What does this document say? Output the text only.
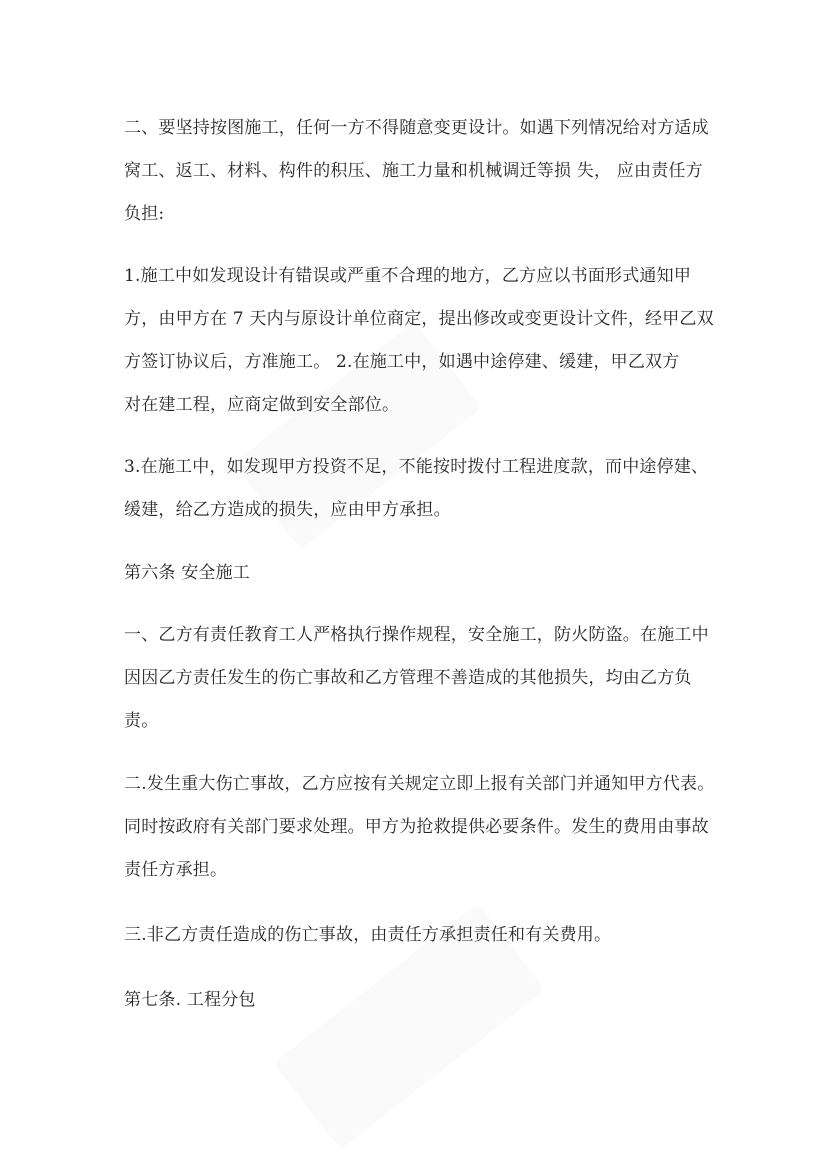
二、要坚持按图施工，任何一方不得随意变更设计。如遇下列情况给对方适成
窝工、返工、材料、构件的积压、施工力量和机械调迁等损 失， 应由责任方
负担:
1.施工中如发现设计有错误或严重不合理的地方，乙方应以书面形式通知甲
方，由甲方在 7 天内与原设计单位商定，提出修改或变更设计文件，经甲乙双
方签订协议后，方准施工。 2.在施工中，如遇中途停建、缓建，甲乙双方
对在建工程，应商定做到安全部位。
3.在施工中，如发现甲方投资不足，不能按时拨付工程进度款，而中途停建、
缓建，给乙方造成的损失，应由甲方承担。
第六条 安全施工
一、乙方有责任教育工人严格执行操作规程，安全施工，防火防盗。在施工中
因因乙方责任发生的伤亡事故和乙方管理不善造成的其他损失，均由乙方负
责。
二.发生重大伤亡事故，乙方应按有关规定立即上报有关部门并通知甲方代表。
同时按政府有关部门要求处理。甲方为抢救提供必要条件。发生的费用由事故
责任方承担。
三.非乙方责任造成的伤亡事故，由责任方承担责任和有关费用。
第七条. 工程分包
